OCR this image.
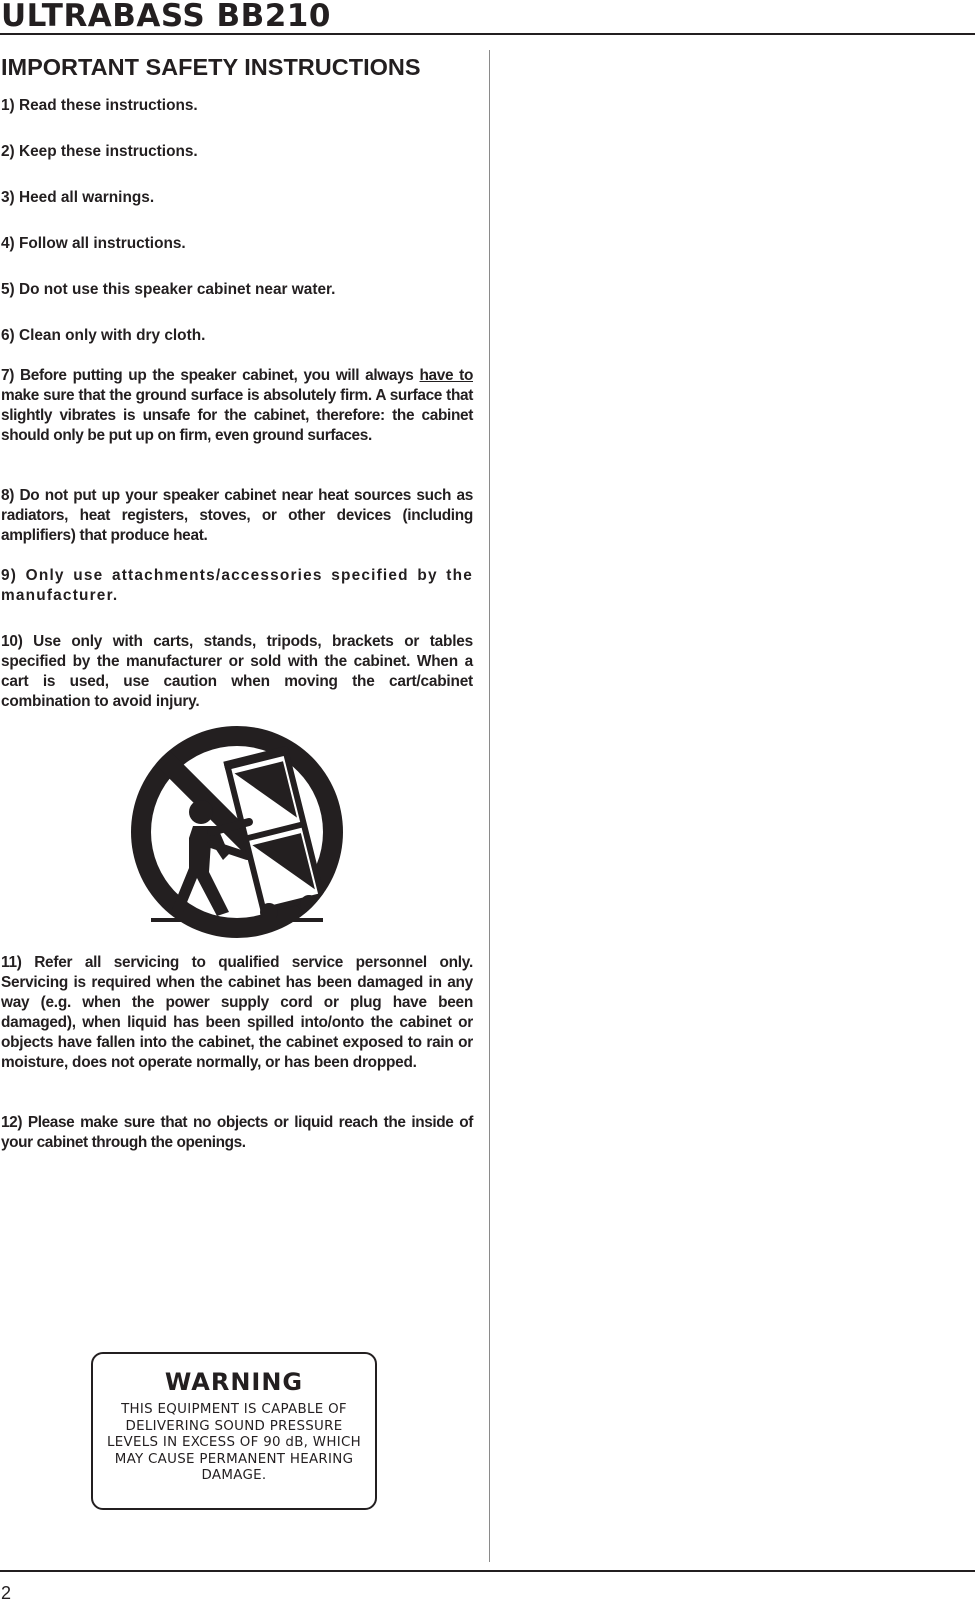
ULTRABASS BB210
IMPORTANT SAFETY INSTRUCTIONS
1) Read these instructions.
2) Keep these instructions.
3) Heed all warnings.
4) Follow all instructions.
5) Do not use this speaker cabinet near water.
6) Clean only with dry cloth.
7) Before putting up the speaker cabinet, you will always have to make sure that the ground surface is absolutely firm. A surface that slightly vibrates is unsafe for the cabinet, therefore: the cabinet should only be put up on firm, even ground surfaces.
8) Do not put up your speaker cabinet near heat sources such as radiators, heat registers, stoves, or other devices (including amplifiers) that produce heat.
9) Only use attachments/accessories specified by the manufacturer.
10) Use only with carts, stands, tripods, brackets or tables specified by the manufacturer or sold with the cabinet. When a cart is used, use caution when moving the cart/cabinet combination to avoid injury.
11) Refer all servicing to qualified service personnel only. Servicing is required when the cabinet has been damaged in any way (e.g. when the power supply cord or plug have been damaged), when liquid has been spilled into/onto the cabinet or objects have fallen into the cabinet, the cabinet exposed to rain or moisture, does not operate normally, or has been dropped.
12) Please make sure that no objects or liquid reach the inside of your cabinet through the openings.
WARNING
THIS EQUIPMENT IS CAPABLE OF DELIVERING SOUND PRESSURE LEVELS IN EXCESS OF 90 dB, WHICH MAY CAUSE PERMANENT HEARING DAMAGE.
2
